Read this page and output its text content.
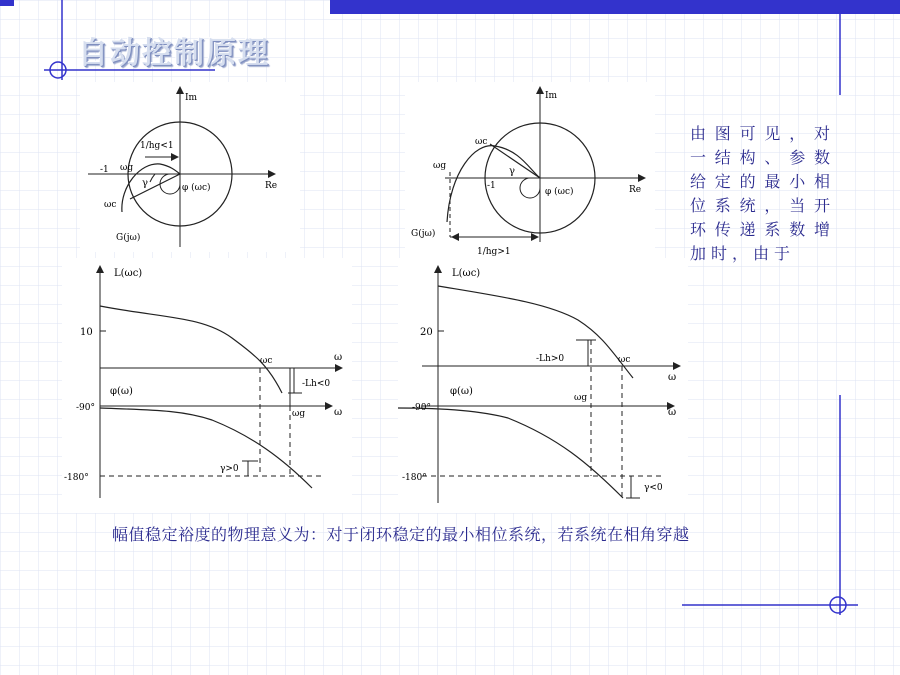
自动控制原理
1/hg<1
-1 ωg
ωc
γ	φ (ωc)	Re
Im
G(jω)
ωc
ωg
-1
γ
φ (ωc)	Re
Im
G(jω)
1/hg>1
L(ωc)
10
ω
ωc
-Lh<0
φ(ω)
-90°	ω
ωg
-180°
γ>0
L(ωc)
20
ω
ωc
-Lh>0
φ(ω)
-90°	ω
ωg
-180°
γ<0
由图可见，对一结构、参数给定的最小相位系统，当开环传递系数增加时，由于
幅值稳定裕度的物理意义为：对于闭环稳定的最小相位系统，若系统在相角穿越
